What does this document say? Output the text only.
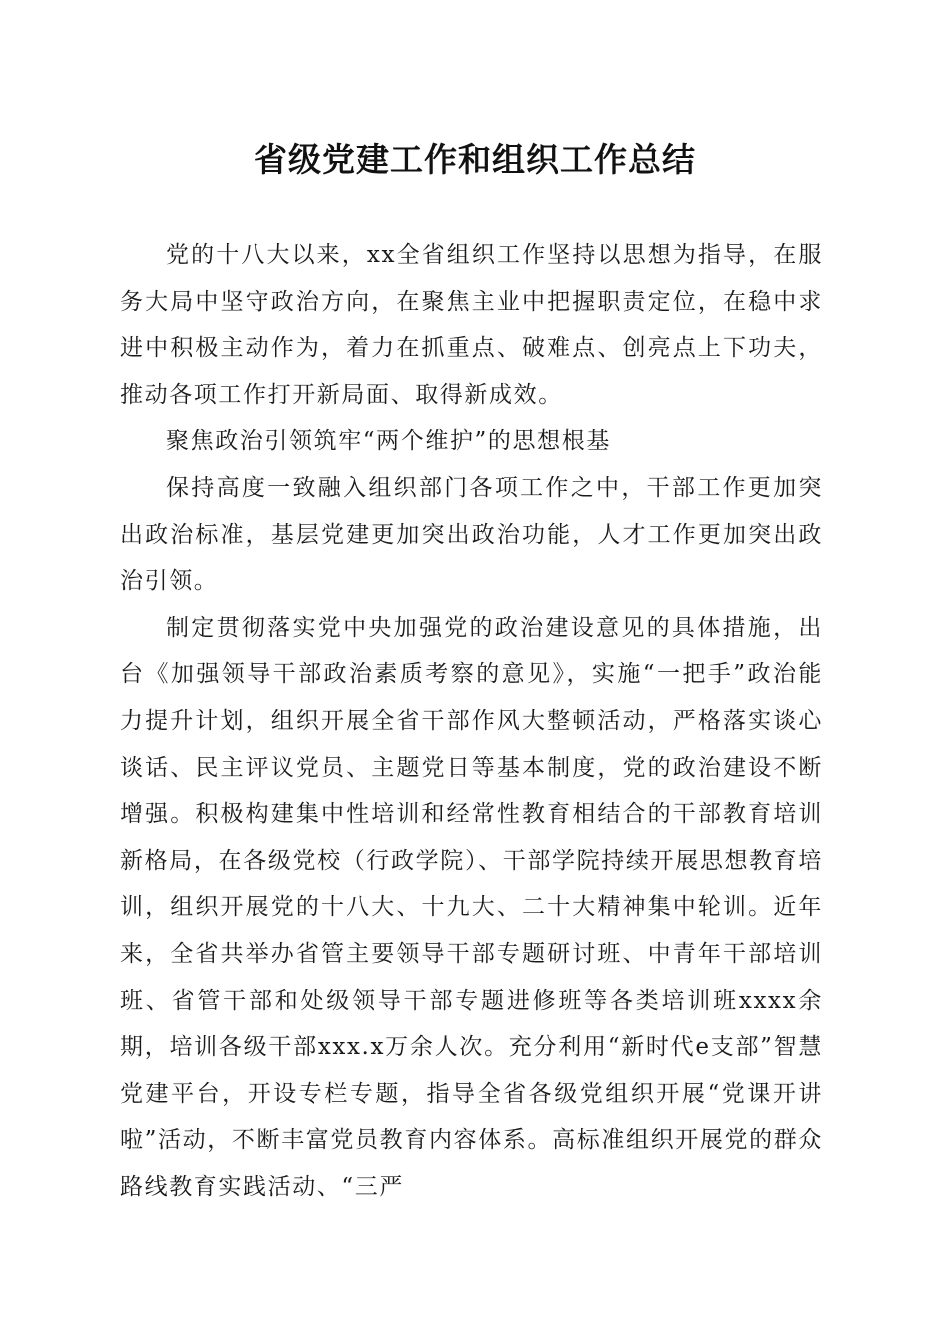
省级党建工作和组织工作总结

党的十八大以来，xx全省组织工作坚持以思想为指导，在服务大局中坚守政治方向，在聚焦主业中把握职责定位，在稳中求进中积极主动作为，着力在抓重点、破难点、创亮点上下功夫，推动各项工作打开新局面、取得新成效。

聚焦政治引领筑牢“两个维护”的思想根基

保持高度一致融入组织部门各项工作之中，干部工作更加突出政治标准，基层党建更加突出政治功能，人才工作更加突出政治引领。

制定贯彻落实党中央加强党的政治建设意见的具体措施，出台《加强领导干部政治素质考察的意见》，实施“一把手”政治能力提升计划，组织开展全省干部作风大整顿活动，严格落实谈心谈话、民主评议党员、主题党日等基本制度，党的政治建设不断增强。积极构建集中性培训和经常性教育相结合的干部教育培训新格局，在各级党校（行政学院）、干部学院持续开展思想教育培训，组织开展党的十八大、十九大、二十大精神集中轮训。近年来，全省共举办省管主要领导干部专题研讨班、中青年干部培训班、省管干部和处级领导干部专题进修班等各类培训班xxxx余期，培训各级干部xxx.x万余人次。充分利用“新时代e支部”智慧党建平台，开设专栏专题，指导全省各级党组织开展“党课开讲啦”活动，不断丰富党员教育内容体系。高标准组织开展党的群众路线教育实践活动、“三严
